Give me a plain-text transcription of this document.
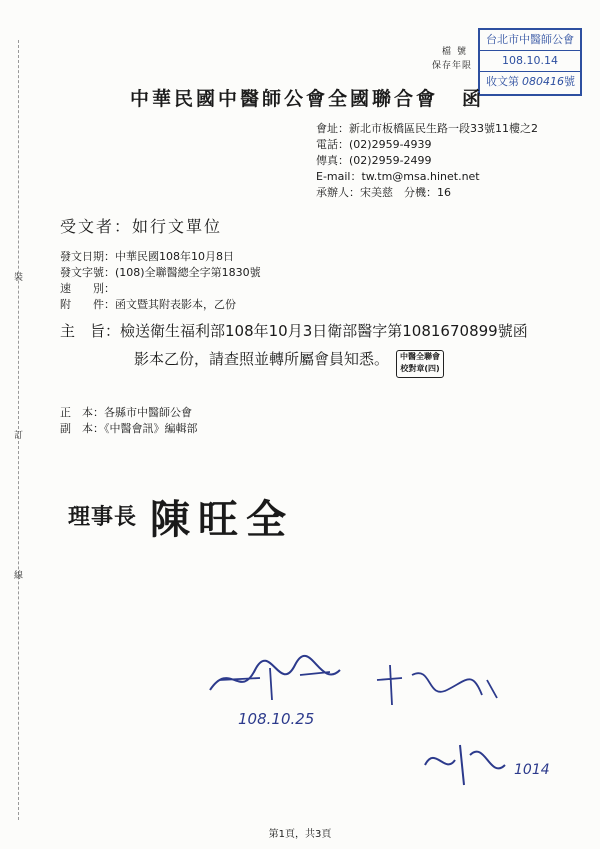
檔號
保存年限
台北市中醫師公會
108.10.14
收文第 080416號
中華民國中醫師公會全國聯合會 函
會址：新北市板橋區民生路一段33號11樓之2
電話：(02)2959-4939
傳真：(02)2959-2499
E-mail：tw.tm@msa.hinet.net
承辦人：宋美慈　分機：16
受文者：如行文單位
發文日期：中華民國108年10月8日
發文字號：(108)全聯醫總全字第1830號
速　　別：
附　　件：函文暨其附表影本，乙份
主　旨：檢送衛生福利部108年10月3日衛部醫字第1081670899號函
影本乙份，請查照並轉所屬會員知悉。	中醫全聯會
校對章(四)
正　本：各縣市中醫師公會
副　本：《中醫會訊》編輯部
理事長 陳旺全
裝
訂
線
108.10.25
1014
第1頁，共3頁
